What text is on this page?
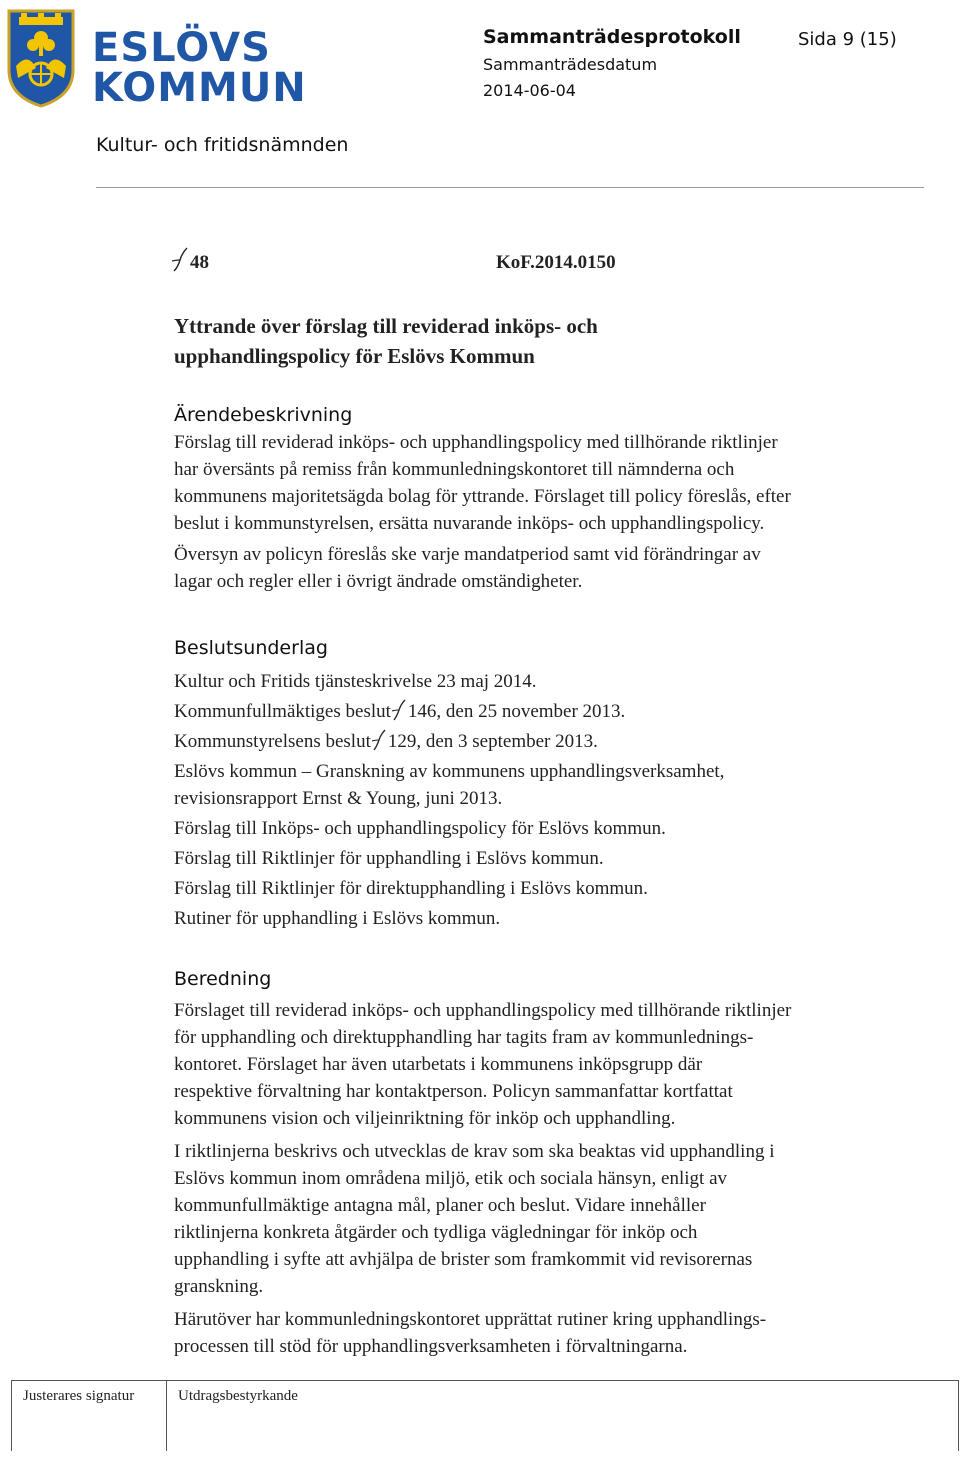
ESLÖVS
KOMMUN
Kultur- och fritidsnämnden
Sammanträdesprotokoll	Sida 9 (15)
Sammanträdesdatum
2014-06-04
48	KoF.2014.0150
Yttrande över förslag till reviderad inköps- och
upphandlingspolicy för Eslövs Kommun
Ärendebeskrivning

Förslag till reviderad inköps- och upphandlingspolicy med tillhörande riktlinjer

har översänts på remiss från kommunledningskontoret till nämnderna och

kommunens majoritetsägda bolag för yttrande. Förslaget till policy föreslås, efter

beslut i kommunstyrelsen, ersätta nuvarande inköps- och upphandlingspolicy.

Översyn av policyn föreslås ske varje mandatperiod samt vid förändringar av

lagar och regler eller i övrigt ändrade omständigheter.

Beslutsunderlag

Kultur och Fritids tjänsteskrivelse 23 maj 2014.

Kommunfullmäktiges beslut 146, den 25 november 2013.

Kommunstyrelsens beslut 129, den 3 september 2013.

Eslövs kommun – Granskning av kommunens upphandlingsverksamhet,

revisionsrapport Ernst & Young, juni 2013.

Förslag till Inköps- och upphandlingspolicy för Eslövs kommun.

Förslag till Riktlinjer för upphandling i Eslövs kommun.

Förslag till Riktlinjer för direktupphandling i Eslövs kommun.

Rutiner för upphandling i Eslövs kommun.

Beredning

Förslaget till reviderad inköps- och upphandlingspolicy med tillhörande riktlinjer

för upphandling och direktupphandling har tagits fram av kommunlednings-

kontoret. Förslaget har även utarbetats i kommunens inköpsgrupp där

respektive förvaltning har kontaktperson. Policyn sammanfattar kortfattat

kommunens vision och viljeinriktning för inköp och upphandling.

I riktlinjerna beskrivs och utvecklas de krav som ska beaktas vid upphandling i

Eslövs kommun inom områdena miljö, etik och sociala hänsyn, enligt av

kommunfullmäktige antagna mål, planer och beslut. Vidare innehåller

riktlinjerna konkreta åtgärder och tydliga vägledningar för inköp och

upphandling i syfte att avhjälpa de brister som framkommit vid revisorernas

granskning.

Härutöver har kommunledningskontoret upprättat rutiner kring upphandlings-

processen till stöd för upphandlingsverksamheten i förvaltningarna.

Justerares signatur	Utdragsbestyrkande
